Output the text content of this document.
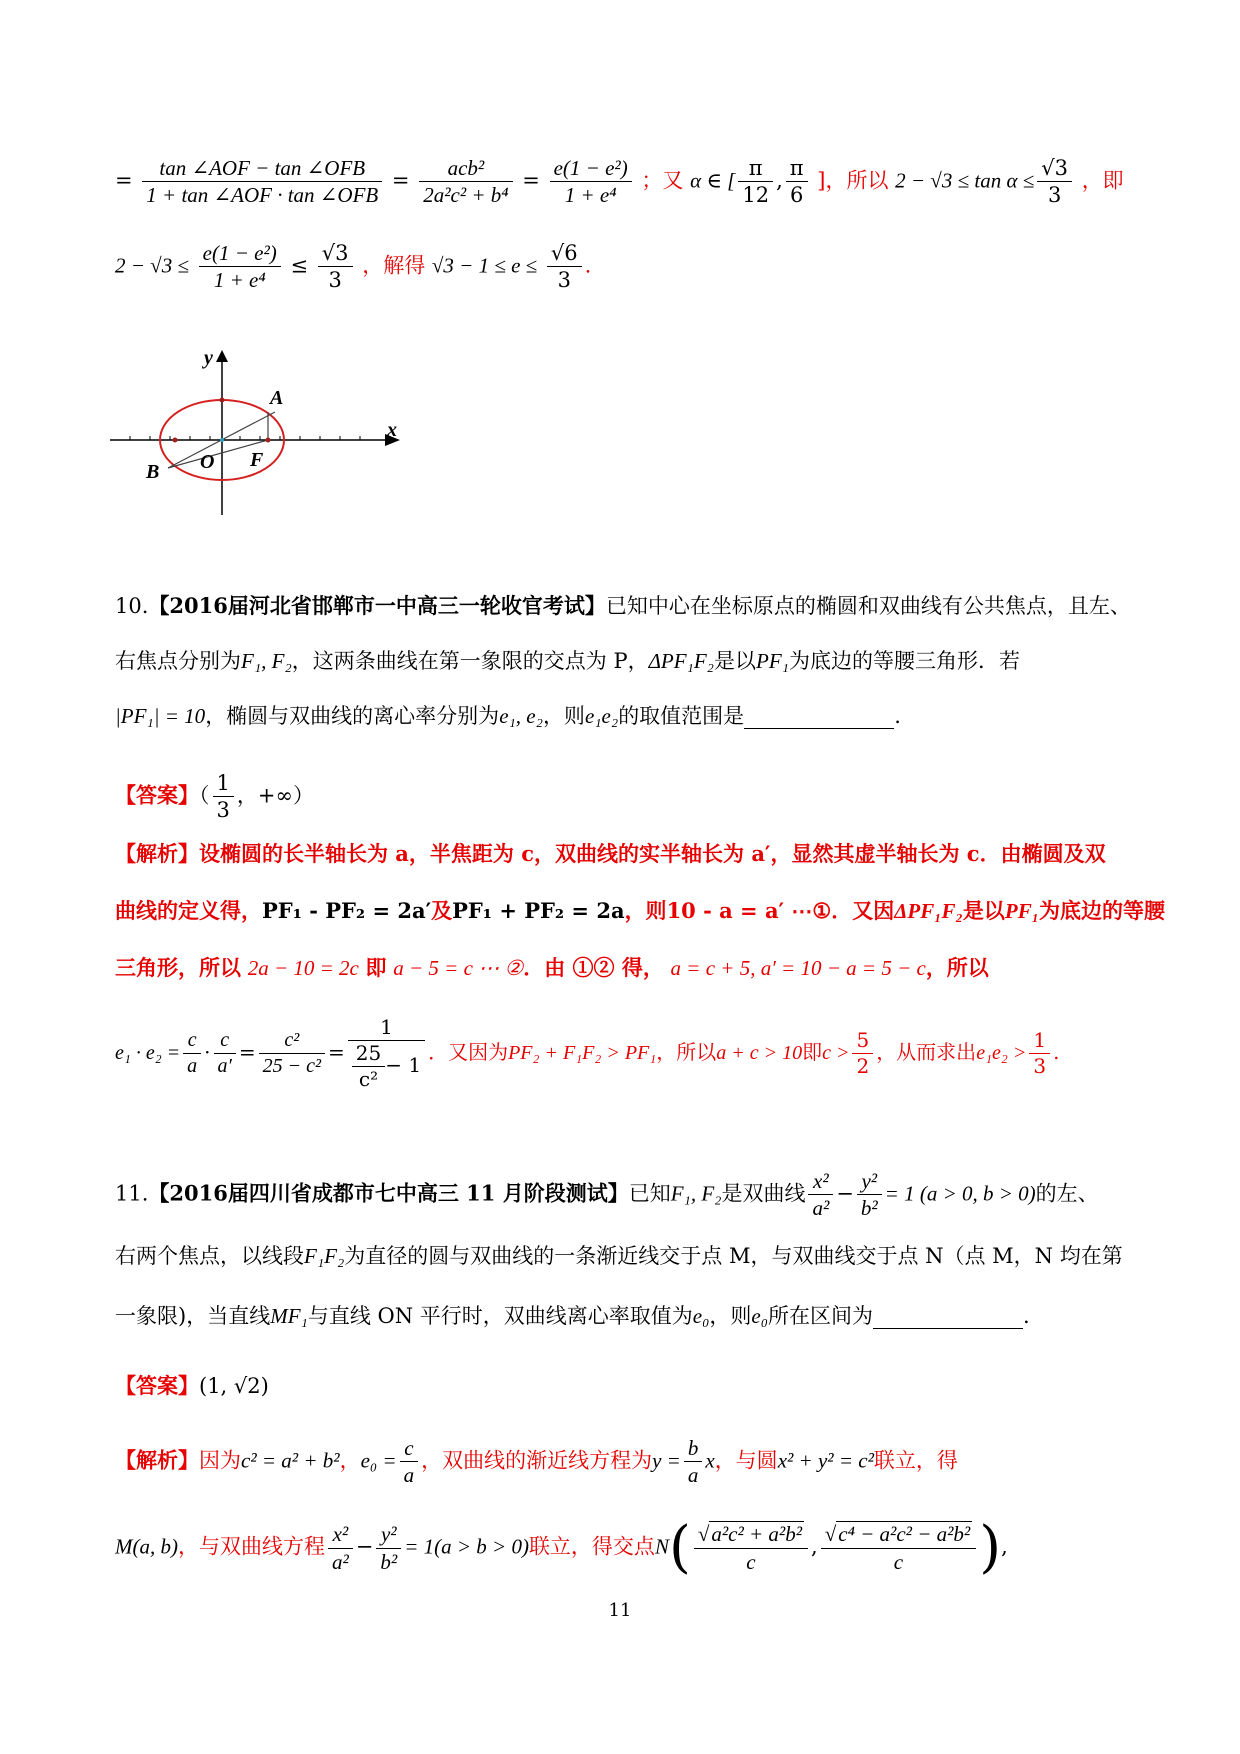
= $\frac{\text{tan ∠AOF − tan ∠OFB}}{\text{1 + tan ∠AOF · tan ∠OFB}} = \frac{\text{acb²}}{\text{2a²c² + b⁴}} = \frac{\text{e(1 − e²)}}{\text{1 + e⁴}}$ ；又 α ∈ [ $\frac{\pi}{12}$ , $\frac{\pi}{6}$ ]，所以 $2 - √3 \le \tan \alpha \le \frac{√3}{3}$ ，即
$2 - √3 \le \frac{\text{e(1 − e²)}}{\text{1 + e⁴}} \le \frac{√3}{3}$ ，解得 $√3 - 1 \le e \le \frac{√6}{3}$ .
y
x
A
B O F
10.【2016届河北省邯郸市一中高三一轮收官考试】已知中心在坐标原点的椭圆和双曲线有公共焦点，且左、
右焦点分别为F₁, F₂，这两条曲线在第一象限的交点为 P，ΔPF₁F₂是以PF₁为底边的等腰三角形．若
|PF₁| = 10，椭圆与双曲线的离心率分别为e₁, e₂，则e₁e₂的取值范围是	.
【答案】（ $\frac{1}{3}$ ，+∞）
【解析】设椭圆的长半轴长为 a，半焦距为 c，双曲线的实半轴长为 a′，显然其虚半轴长为 c．由椭圆及双
曲线的定义得，PF₁ - PF₂ = 2a′及PF₁ + PF₂ = 2a，则10 - a = a′ ⋯①．又因ΔPF₁F₂是以PF₁为底边的等腰
三角形，所以 2a − 10 = 2c 即 a − 5 = c ⋯ ②．由 ①② 得， a = c + 5, a′ = 10 − a = 5 − c，所以
$e_1 \cdot e_2 = \frac{c}{a} \cdot \frac{c}{a'} = \frac{\text{c²}}{\text{25 − c²}} = \frac{1}{\frac{25}{\text{c²}} - 1}$ ．又因为PF₂ + F₁F₂ > PF₁，所以a + c > 10即$c > \frac{5}{2}$ ，从而求出$e_1e_2 > \frac{1}{3}$ .
11.【2016届四川省成都市七中高三 11 月阶段测试】已知F₁, F₂是双曲线 $\frac{\text{x²}}{\text{a²}} - \frac{\text{y²}}{\text{b²}} = 1$ (a > 0, b > 0)的左、
右两个焦点，以线段F₁F₂为直径的圆与双曲线的一条渐近线交于点 M，与双曲线交于点 N（点 M，N 均在第
一象限)，当直线MF₁与直线 ON 平行时，双曲线离心率取值为e₀，则e₀所在区间为	.
【答案】(1, √2)
【解析】因为c² = a² + b²，$e_0 = \frac{c}{a}$ ，双曲线的渐近线方程为$y = \frac{b}{a}$ x，与圆x² + y² = c²联立，得
M(a, b)，与双曲线方程 $\frac{\text{x²}}{\text{a²}} - \frac{\text{y²}}{\text{b²}} = 1(a > b > 0)$联立，得交点$N( \frac{\text{√a²c² + a²b²}}{c}$ , $\frac{\text{√c⁴ − a²c² − a²b²}}{c}$ ),
11
